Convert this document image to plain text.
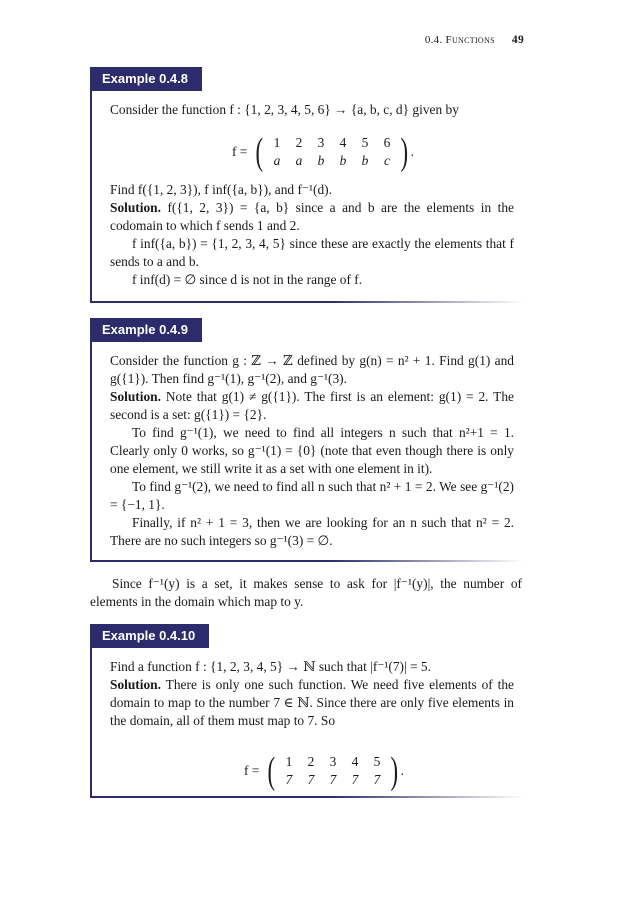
0.4. Functions 49
Example 0.4.8

Consider the function f : {1, 2, 3, 4, 5, 6} → {a, b, c, d} given by

f = ( 1	2	3	4	5	6
a	a	b	b	b	c ) .

Find f({1, 2, 3}), f inf({a, b}), and f⁻¹(d).

Solution. f({1, 2, 3}) = {a, b} since a and b are the elements in the codomain to which f sends 1 and 2.

f inf({a, b}) = {1, 2, 3, 4, 5} since these are exactly the elements that f sends to a and b.

f inf(d) = ∅ since d is not in the range of f.

Example 0.4.9

Consider the function g : ℤ → ℤ defined by g(n) = n² + 1. Find g(1) and g({1}). Then find g⁻¹(1), g⁻¹(2), and g⁻¹(3).

Solution. Note that g(1) ≠ g({1}). The first is an element: g(1) = 2. The second is a set: g({1}) = {2}.

To find g⁻¹(1), we need to find all integers n such that n²+1 = 1. Clearly only 0 works, so g⁻¹(1) = {0} (note that even though there is only one element, we still write it as a set with one element in it).

To find g⁻¹(2), we need to find all n such that n² + 1 = 2. We see g⁻¹(2) = {−1, 1}.

Finally, if n² + 1 = 3, then we are looking for an n such that n² = 2. There are no such integers so g⁻¹(3) = ∅.

Since f⁻¹(y) is a set, it makes sense to ask for |f⁻¹(y)|, the number of elements in the domain which map to y.

Example 0.4.10

Find a function f : {1, 2, 3, 4, 5} → ℕ such that |f⁻¹(7)| = 5.

Solution. There is only one such function. We need five elements of the domain to map to the number 7 ∈ ℕ. Since there are only five elements in the domain, all of them must map to 7. So

f = ( 1	2	3	4	5
7	7	7	7	7 ) .
